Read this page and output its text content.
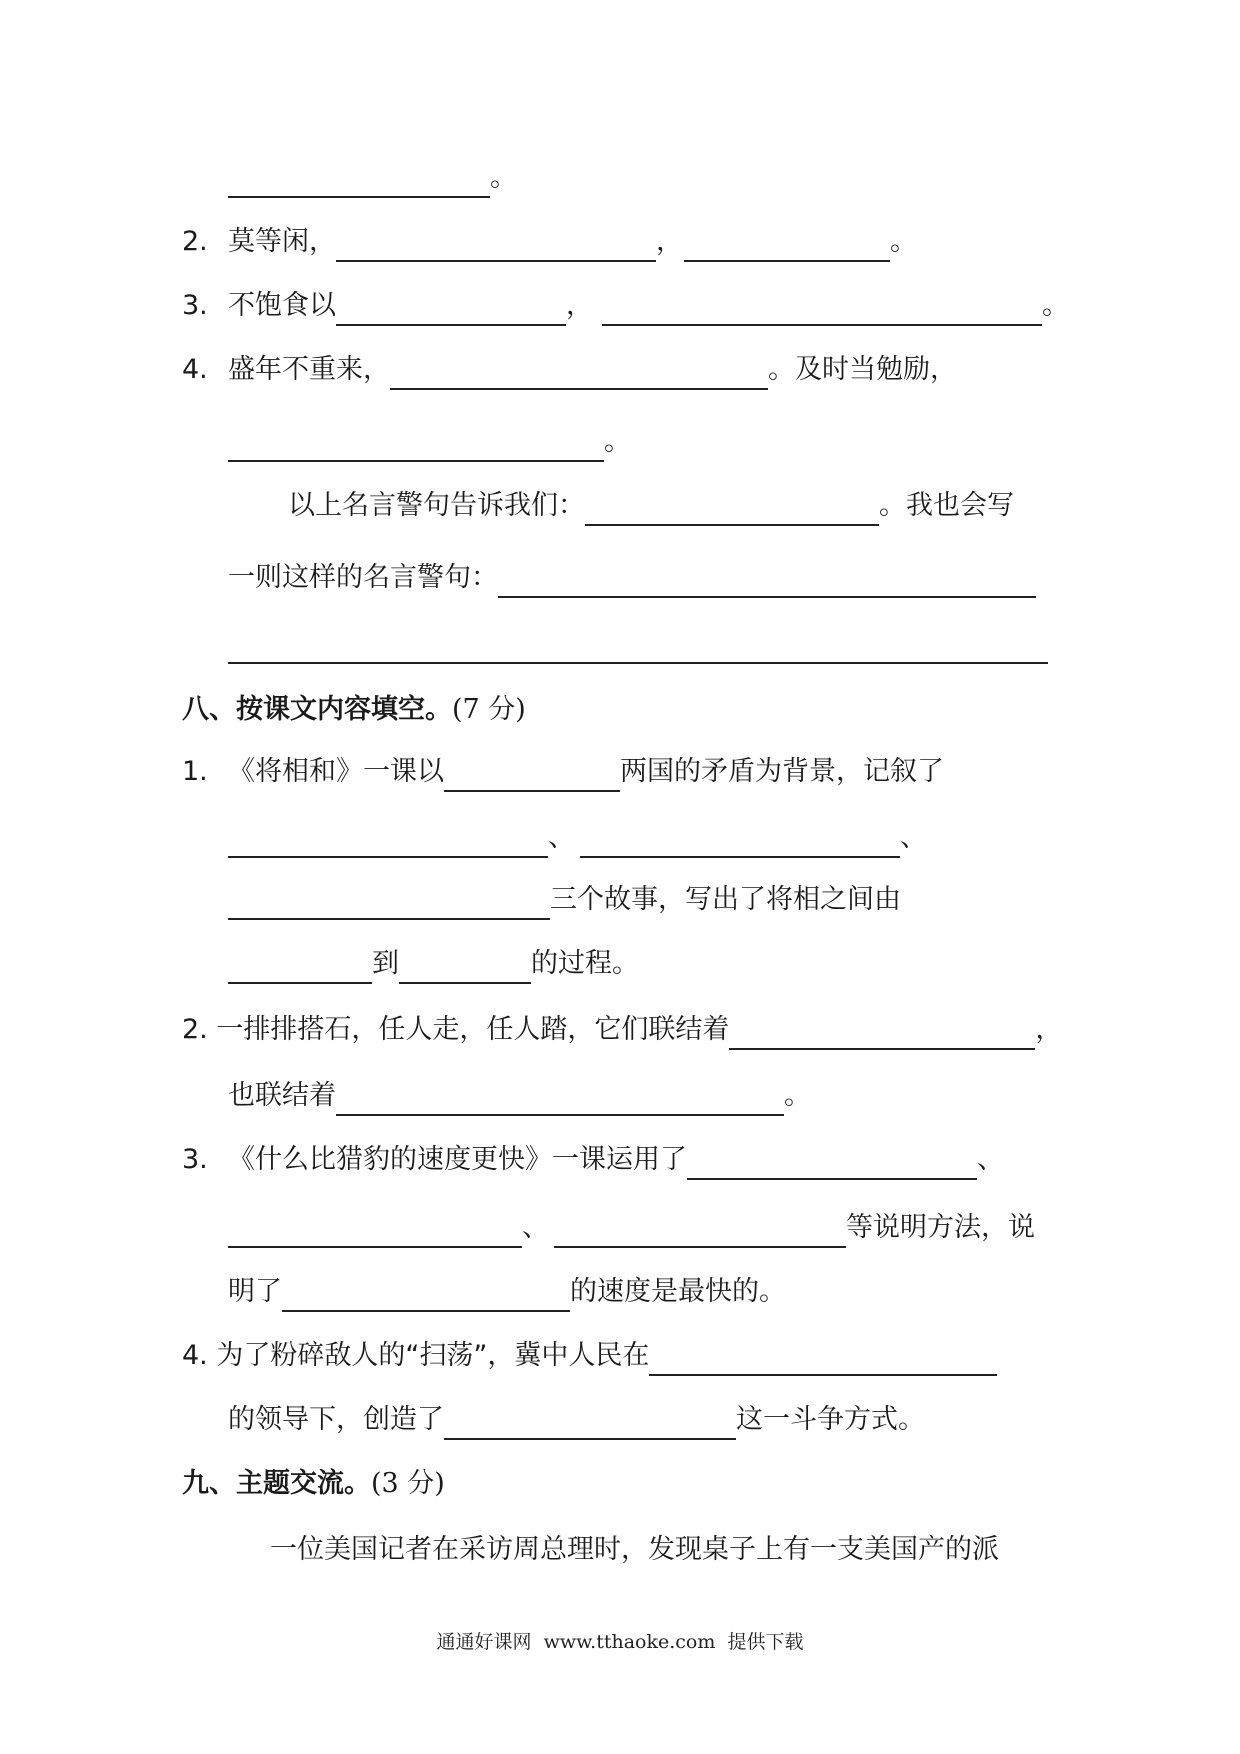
。
2. 莫等闲，	，	。
3. 不饱食以	，	。
4. 盛年不重来，	。及时当勉励，
。
以上名言警句告诉我们：	。我也会写
一则这样的名言警句：
八、按课文内容填空。(7 分)
1. 《将相和》一课以	两国的矛盾为背景，记叙了
、	、
三个故事，写出了将相之间由
到	的过程。
2. 一排排搭石，任人走，任人踏，它们联结着	，
也联结着	。
3. 《什么比猎豹的速度更快》一课运用了	、
、	等说明方法，说
明了	的速度是最快的。
4. 为了粉碎敌人的“扫荡”，冀中人民在
的领导下，创造了	这一斗争方式。
九、主题交流。(3 分)
一位美国记者在采访周总理时，发现桌子上有一支美国产的派
通通好课网  www.tthaoke.com  提供下载
